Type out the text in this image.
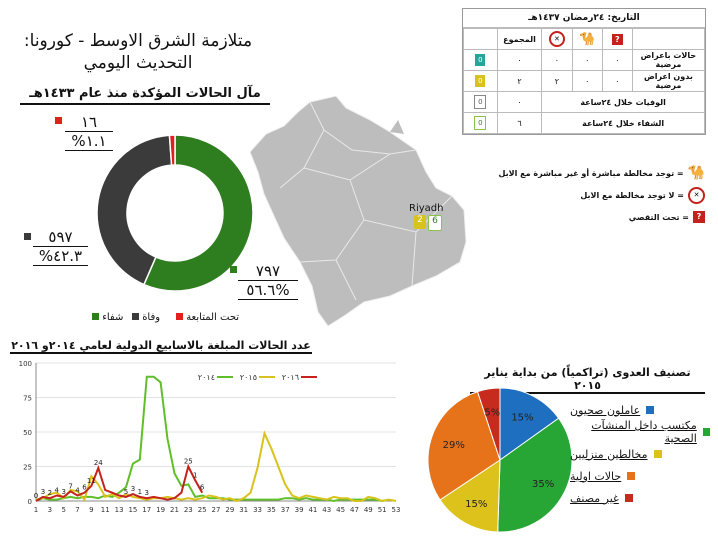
متلازمة الشرق الاوسط - كورونا:
التحديث اليومي
مآل الحالات المؤكدة منذ عام ١٤٣٣هـ
١٦
١.١%
٥٩٧
٤٢.٣%
٧٩٧
%٥٦.٦
شفاء	وفاة	تحت المتابعة
Riyadh
2	6
التاريخ: ٢٤رمضان ١٤٣٧هـ
	?	🐪	✕	المجموع	
حالات باعراض مرضية	٠	٠	٠	٠	0
بدون اعراض مرضية	٠	٠	٢	٢	0
الوفيات خلال ٢٤ساعة				٠	0
الشفاء خلال ٢٤ساعة				٦	0
🐪
= توجد مخالطة مباشرة أو غير مباشرة مع الابل
✕
= لا توجد مخالطة مع الابل
?
= تحت التقصي
عدد الحالات المبلغة بالاسابيع الدولية لعامي ٢٠١٤و ٢٠١٦
0
25
50
75
100
1 3 5 7 9 11 13 15 17 19 21 23 25 27 29 31 33 35 37 39 41 43 45 47 49 51 53
٢٠١٤	٢٠١٥	٢٠١٦
24	25
0
3 2 4 3
7
4 6
11
5 3 1 3
1
6
تصنيف العدوى (تراكمياً) من بداية يناير ٢٠١٥
15%
35%
15%
29%
5%	عاملون صحيون
مكتسب داخل المنشآت الصحية
مخالطين منزليين
حالات اولية
غير مصنف
